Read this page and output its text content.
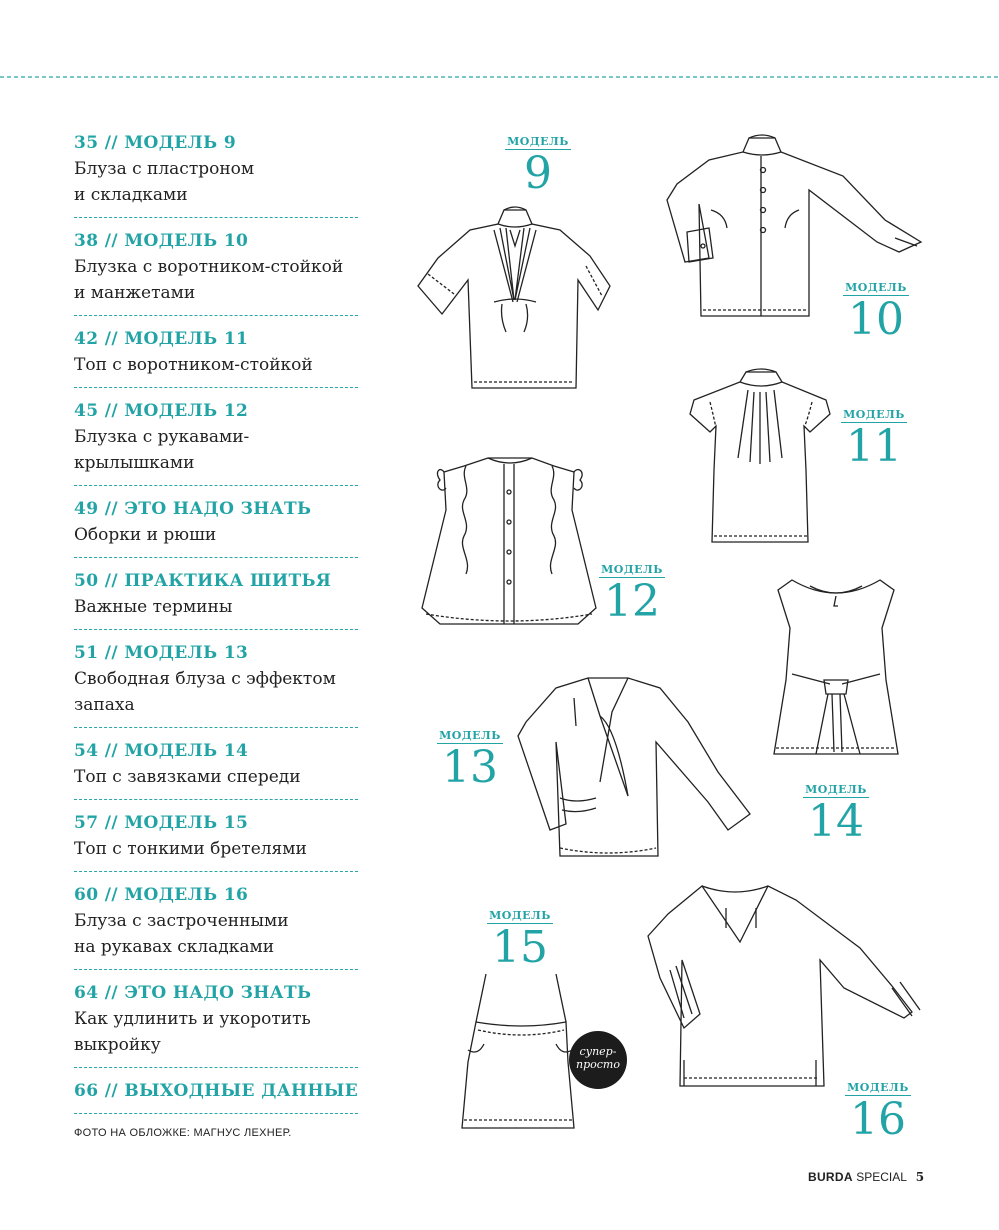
35 // МОДЕЛЬ 9
Блуза с пластроном
и складками
38 // МОДЕЛЬ 10
Блузка с воротником-стойкой
и манжетами
42 // МОДЕЛЬ 11
Топ с воротником-стойкой
45 // МОДЕЛЬ 12
Блузка с рукавами-
крылышками
49 // ЭТО НАДО ЗНАТЬ
Оборки и рюши
50 // ПРАКТИКА ШИТЬЯ
Важные термины
51 // МОДЕЛЬ 13
Свободная блуза с эффектом
запаха
54 // МОДЕЛЬ 14
Топ с завязками спереди
57 // МОДЕЛЬ 15
Топ с тонкими бретелями
60 // МОДЕЛЬ 16
Блуза с застроченными
на рукавах складками
64 // ЭТО НАДО ЗНАТЬ
Как удлинить и укоротить
выкройку
66 // ВЫХОДНЫЕ ДАННЫЕ
ФОТО НА ОБЛОЖКЕ: МАГНУС ЛЕХНЕР.
BURDA SPECIAL 5
супер-
просто
МОДЕЛЬ
9
МОДЕЛЬ
10
МОДЕЛЬ
11
МОДЕЛЬ
12
МОДЕЛЬ
13	МОДЕЛЬ
14
МОДЕЛЬ
15
МОДЕЛЬ
16
